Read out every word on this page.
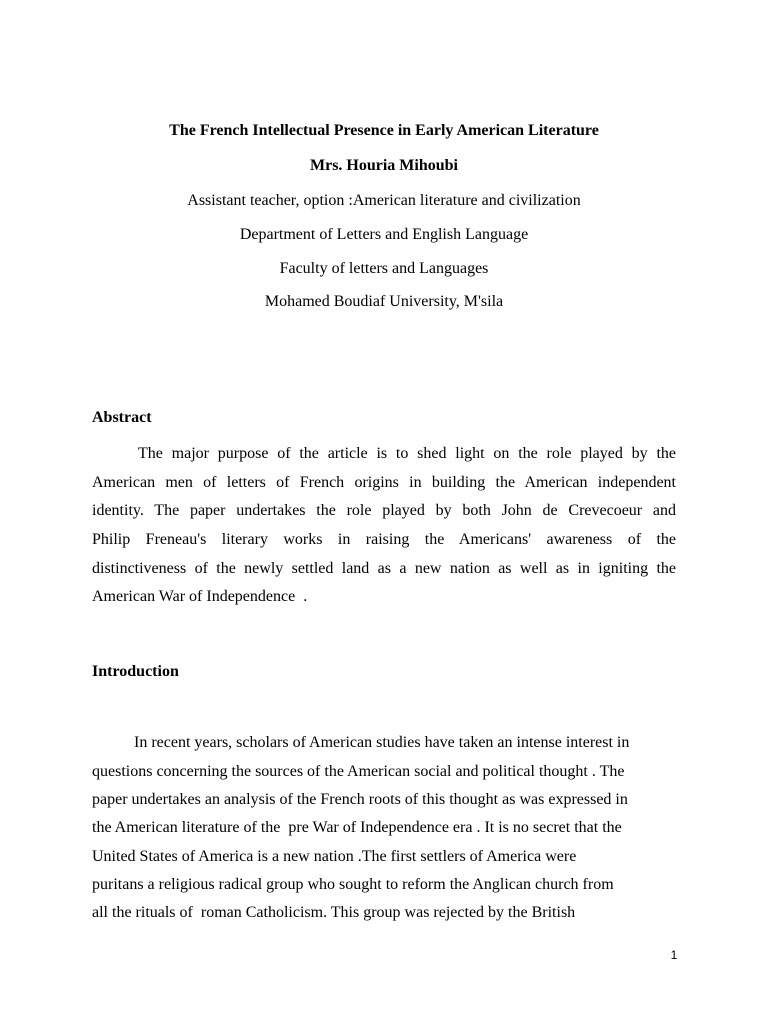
The French Intellectual Presence in Early American Literature
Mrs. Houria Mihoubi
Assistant teacher, option :American literature and civilization
Department of Letters and English Language
Faculty of letters and Languages
Mohamed Boudiaf University, M'sila
Abstract
The major purpose of the article is to shed light on the role played by the
American men of letters of French origins in building the American independent
identity. The paper undertakes the role played by both John de Crevecoeur and
Philip Freneau's literary works in raising the Americans' awareness of the
distinctiveness of the newly settled land as a new nation as well as in igniting the
American War of Independence  .
Introduction
In recent years, scholars of American studies have taken an intense interest in
questions concerning the sources of the American social and political thought . The
paper undertakes an analysis of the French roots of this thought as was expressed in
the American literature of the  pre War of Independence era . It is no secret that the
United States of America is a new nation .The first settlers of America were
puritans a religious radical group who sought to reform the Anglican church from
all the rituals of  roman Catholicism. This group was rejected by the British
1
